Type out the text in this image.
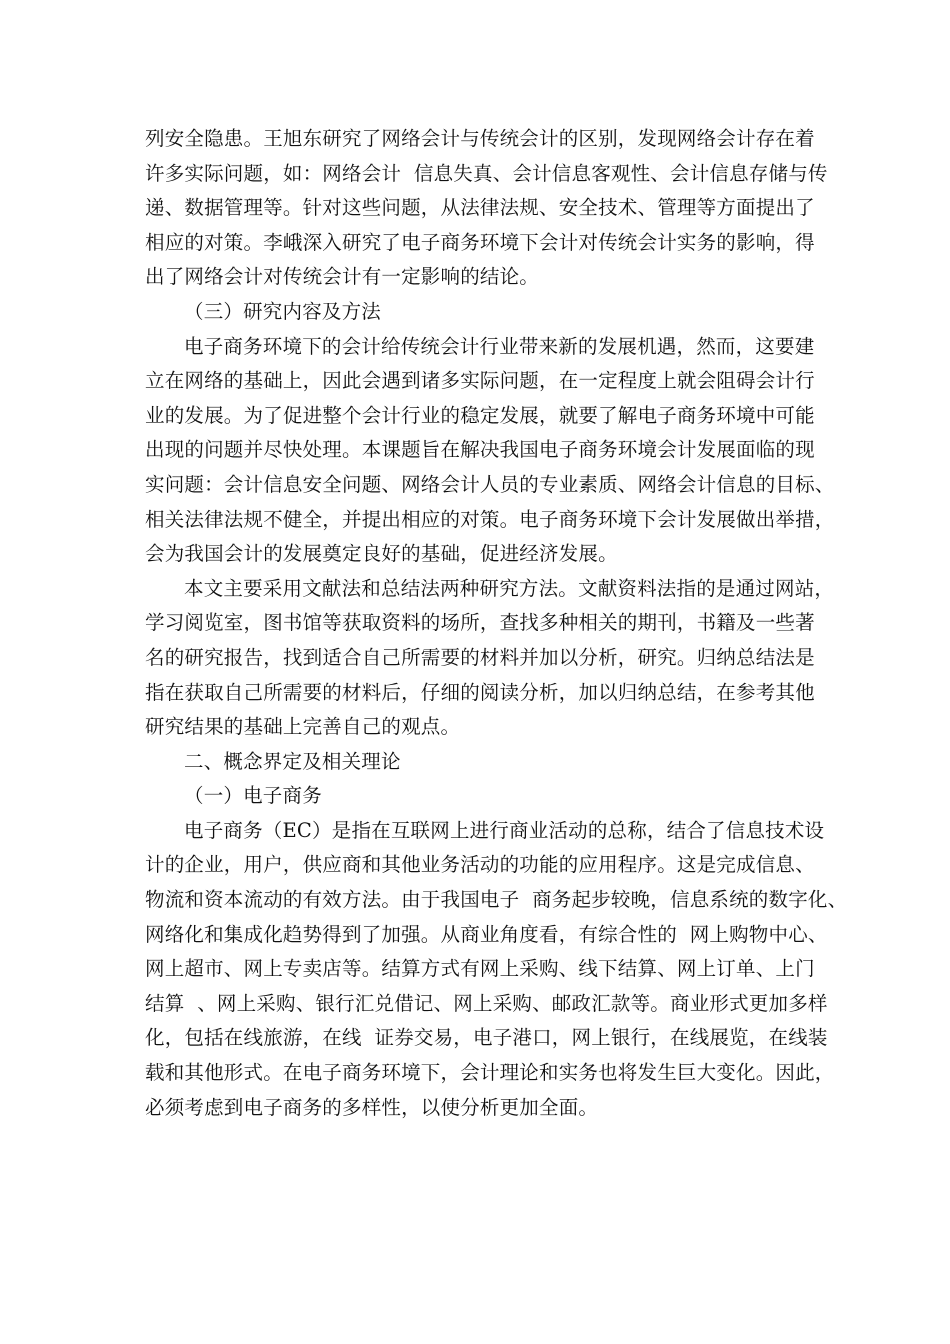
列安全隐患。王旭东研究了网络会计与传统会计的区别，发现网络会计存在着
许多实际问题，如：网络会计  信息失真、会计信息客观性、会计信息存储与传
递、数据管理等。针对这些问题，从法律法规、安全技术、管理等方面提出了
相应的对策。李峨深入研究了电子商务环境下会计对传统会计实务的影响，得
出了网络会计对传统会计有一定影响的结论。

（三）研究内容及方法

电子商务环境下的会计给传统会计行业带来新的发展机遇，然而，这要建
立在网络的基础上，因此会遇到诸多实际问题，在一定程度上就会阻碍会计行
业的发展。为了促进整个会计行业的稳定发展，就要了解电子商务环境中可能
出现的问题并尽快处理。本课题旨在解决我国电子商务环境会计发展面临的现
实问题：会计信息安全问题、网络会计人员的专业素质、网络会计信息的目标、
相关法律法规不健全，并提出相应的对策。电子商务环境下会计发展做出举措，
会为我国会计的发展奠定良好的基础，促进经济发展。

本文主要采用文献法和总结法两种研究方法。文献资料法指的是通过网站，
学习阅览室，图书馆等获取资料的场所，查找多种相关的期刊，书籍及一些著
名的研究报告，找到适合自己所需要的材料并加以分析，研究。归纳总结法是
指在获取自己所需要的材料后，仔细的阅读分析，加以归纳总结，在参考其他
研究结果的基础上完善自己的观点。

二、概念界定及相关理论

（一）电子商务

电子商务（EC）是指在互联网上进行商业活动的总称，结合了信息技术设
计的企业，用户，供应商和其他业务活动的功能的应用程序。这是完成信息、
物流和资本流动的有效方法。由于我国电子  商务起步较晚，信息系统的数字化、
网络化和集成化趋势得到了加强。从商业角度看，有综合性的  网上购物中心、
网上超市、网上专卖店等。结算方式有网上采购、线下结算、网上订单、上门
结算  、网上采购、银行汇兑借记、网上采购、邮政汇款等。商业形式更加多样
化，包括在线旅游，在线  证券交易，电子港口，网上银行，在线展览，在线装
载和其他形式。在电子商务环境下，会计理论和实务也将发生巨大变化。因此，
必须考虑到电子商务的多样性，以使分析更加全面。
